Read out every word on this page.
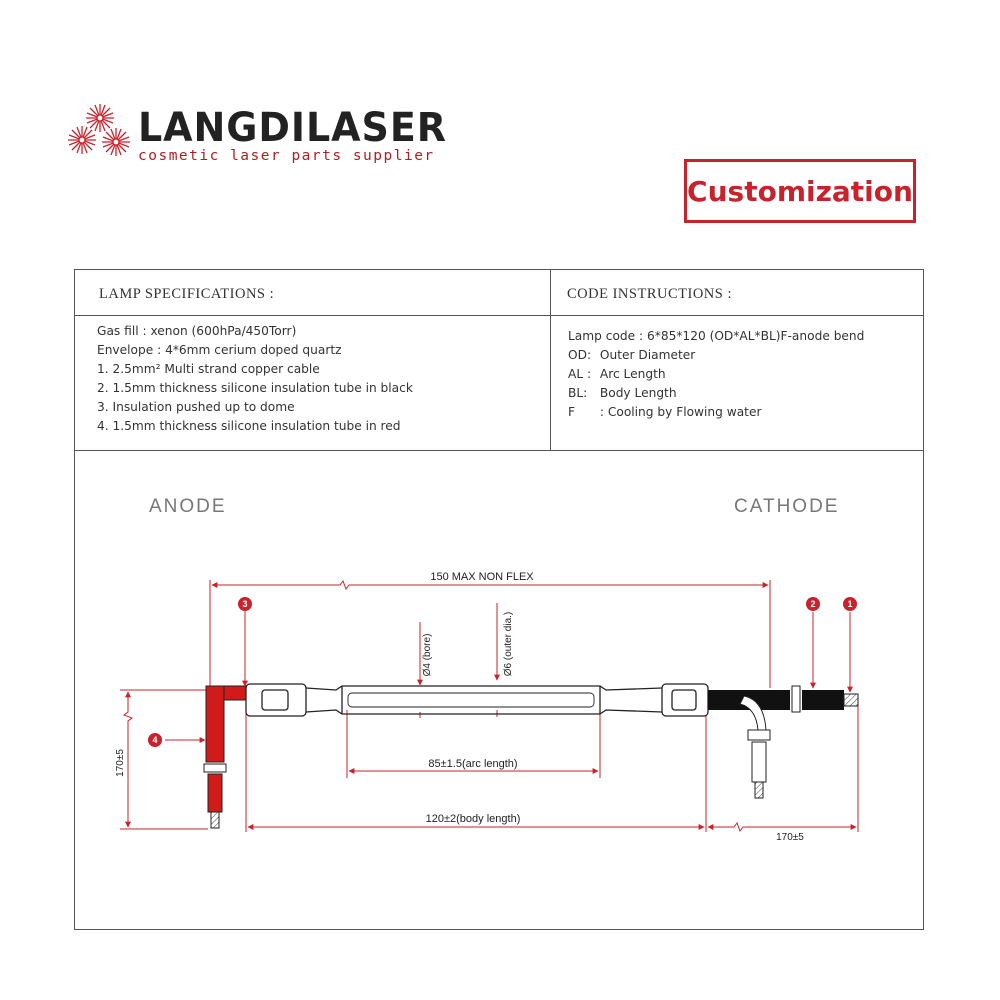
LANGDILASER
cosmetic laser parts supplier
Customization
LAMP SPECIFICATIONS :	CODE INSTRUCTIONS :
Gas fill : xenon (600hPa/450Torr)
Envelope : 4*6mm cerium doped quartz
1. 2.5mm² Multi strand copper cable
2. 1.5mm thickness silicone insulation tube in black
3. Insulation pushed up to dome
4. 1.5mm thickness silicone insulation tube in red
Lamp code : 6*85*120 (OD*AL*BL)F-anode bend
OD: Outer Diameter
AL : Arc Length
BL: Body Length
F : Cooling by Flowing water
ANODE	CATHODE
1
2
3
4
150 MAX NON FLEX
85±1.5(arc length)
120±2(body length)
170±5
170±5
Ø4 (bore)	Ø6 (outer dia.)
